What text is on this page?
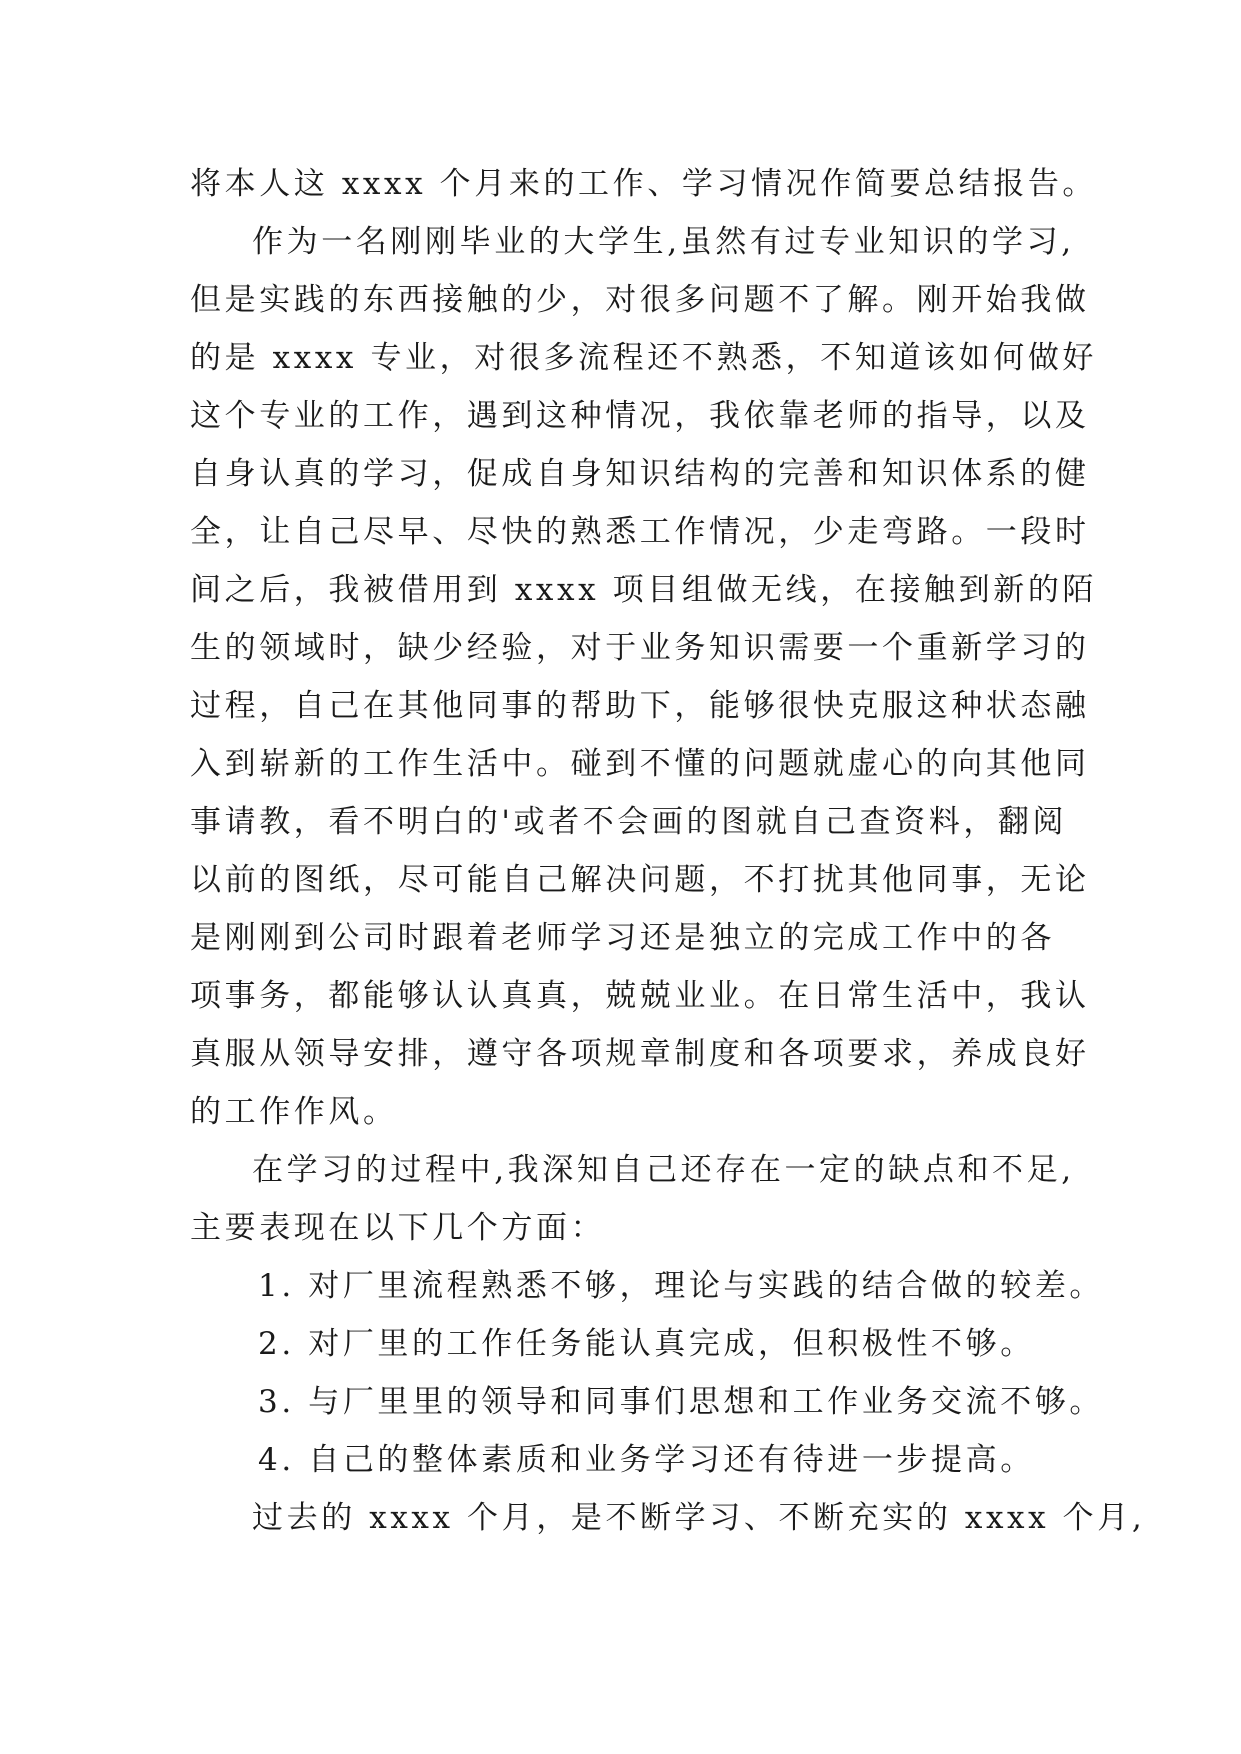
将本人这 xxxx 个月来的工作、学习情况作简要总结报告。
作为一名刚刚毕业的大学生,虽然有过专业知识的学习,
但是实践的东西接触的少，对很多问题不了解。刚开始我做
的是 xxxx 专业，对很多流程还不熟悉，不知道该如何做好
这个专业的工作，遇到这种情况，我依靠老师的指导，以及
自身认真的学习，促成自身知识结构的完善和知识体系的健
全，让自己尽早、尽快的熟悉工作情况，少走弯路。一段时
间之后，我被借用到 xxxx 项目组做无线，在接触到新的陌
生的领域时，缺少经验，对于业务知识需要一个重新学习的
过程，自己在其他同事的帮助下，能够很快克服这种状态融
入到崭新的工作生活中。碰到不懂的问题就虚心的向其他同
事请教，看不明白的'或者不会画的图就自己查资料，翻阅
以前的图纸，尽可能自己解决问题，不打扰其他同事，无论
是刚刚到公司时跟着老师学习还是独立的完成工作中的各
项事务，都能够认认真真，兢兢业业。在日常生活中，我认
真服从领导安排，遵守各项规章制度和各项要求，养成良好
的工作作风。
在学习的过程中,我深知自己还存在一定的缺点和不足,
主要表现在以下几个方面：
1. 对厂里流程熟悉不够，理论与实践的结合做的较差。
2. 对厂里的工作任务能认真完成，但积极性不够。
3. 与厂里里的领导和同事们思想和工作业务交流不够。
4. 自己的整体素质和业务学习还有待进一步提高。
过去的 xxxx 个月，是不断学习、不断充实的 xxxx 个月,
